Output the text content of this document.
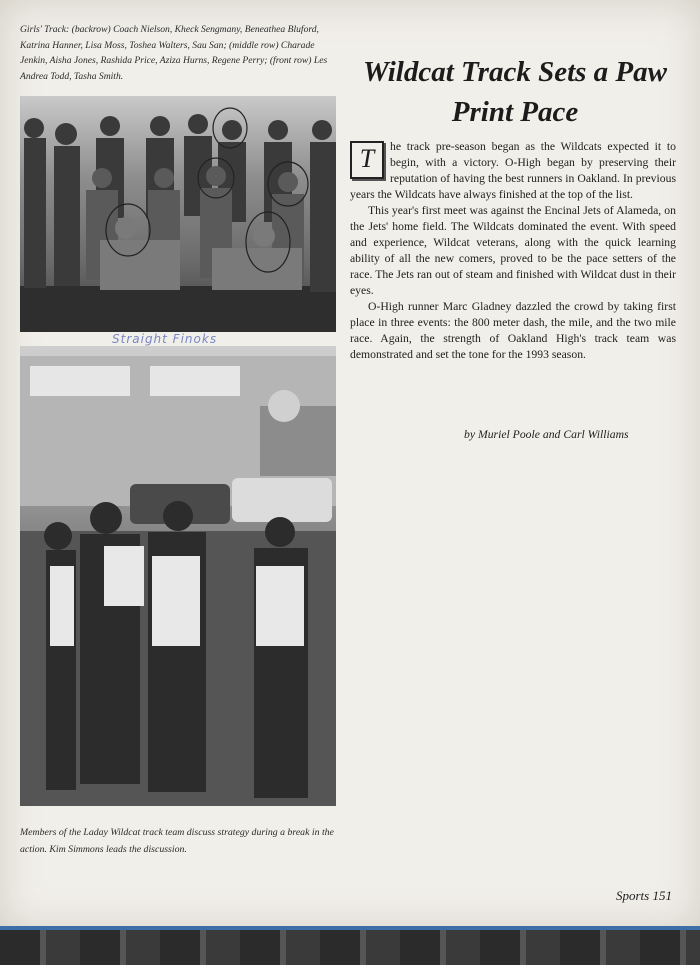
Girls' Track: (backrow) Coach Nielson, Kheck Sengmany, Beneathea Bluford, Katrina Hanner, Lisa Moss, Toshea Walters, Sau San; (middle row) Charade Jenkin, Aisha Jones, Rashida Price, Aziza Hurns, Regene Perry; (front row) Les Andrea Todd, Tasha Smith.
Straight Finoks
Members of the Laday Wildcat track team discuss strategy during a break in the action. Kim Simmons leads the discussion.
Wildcat Track Sets a Paw Print Pace

T	he track pre-season began as the Wildcats expected it to begin, with a victory. O-High began by preserving their reputation of having the best runners in Oakland. In previous years the Wildcats have always finished at the top of the list.

This year's first meet was against the Encinal Jets of Alameda, on the Jets' home field. The Wildcats dominated the event. With speed and experience, Wildcat veterans, along with the quick learning ability of all the new comers, proved to be the pace setters of the race. The Jets ran out of steam and finished with Wildcat dust in their eyes.

O-High runner Marc Gladney dazzled the crowd by taking first place in three events: the 800 meter dash, the mile, and the two mile race. Again, the strength of Oakland High's track team was demonstrated and set the tone for the 1993 season.

by Muriel Poole and Carl Williams
Sports 151
